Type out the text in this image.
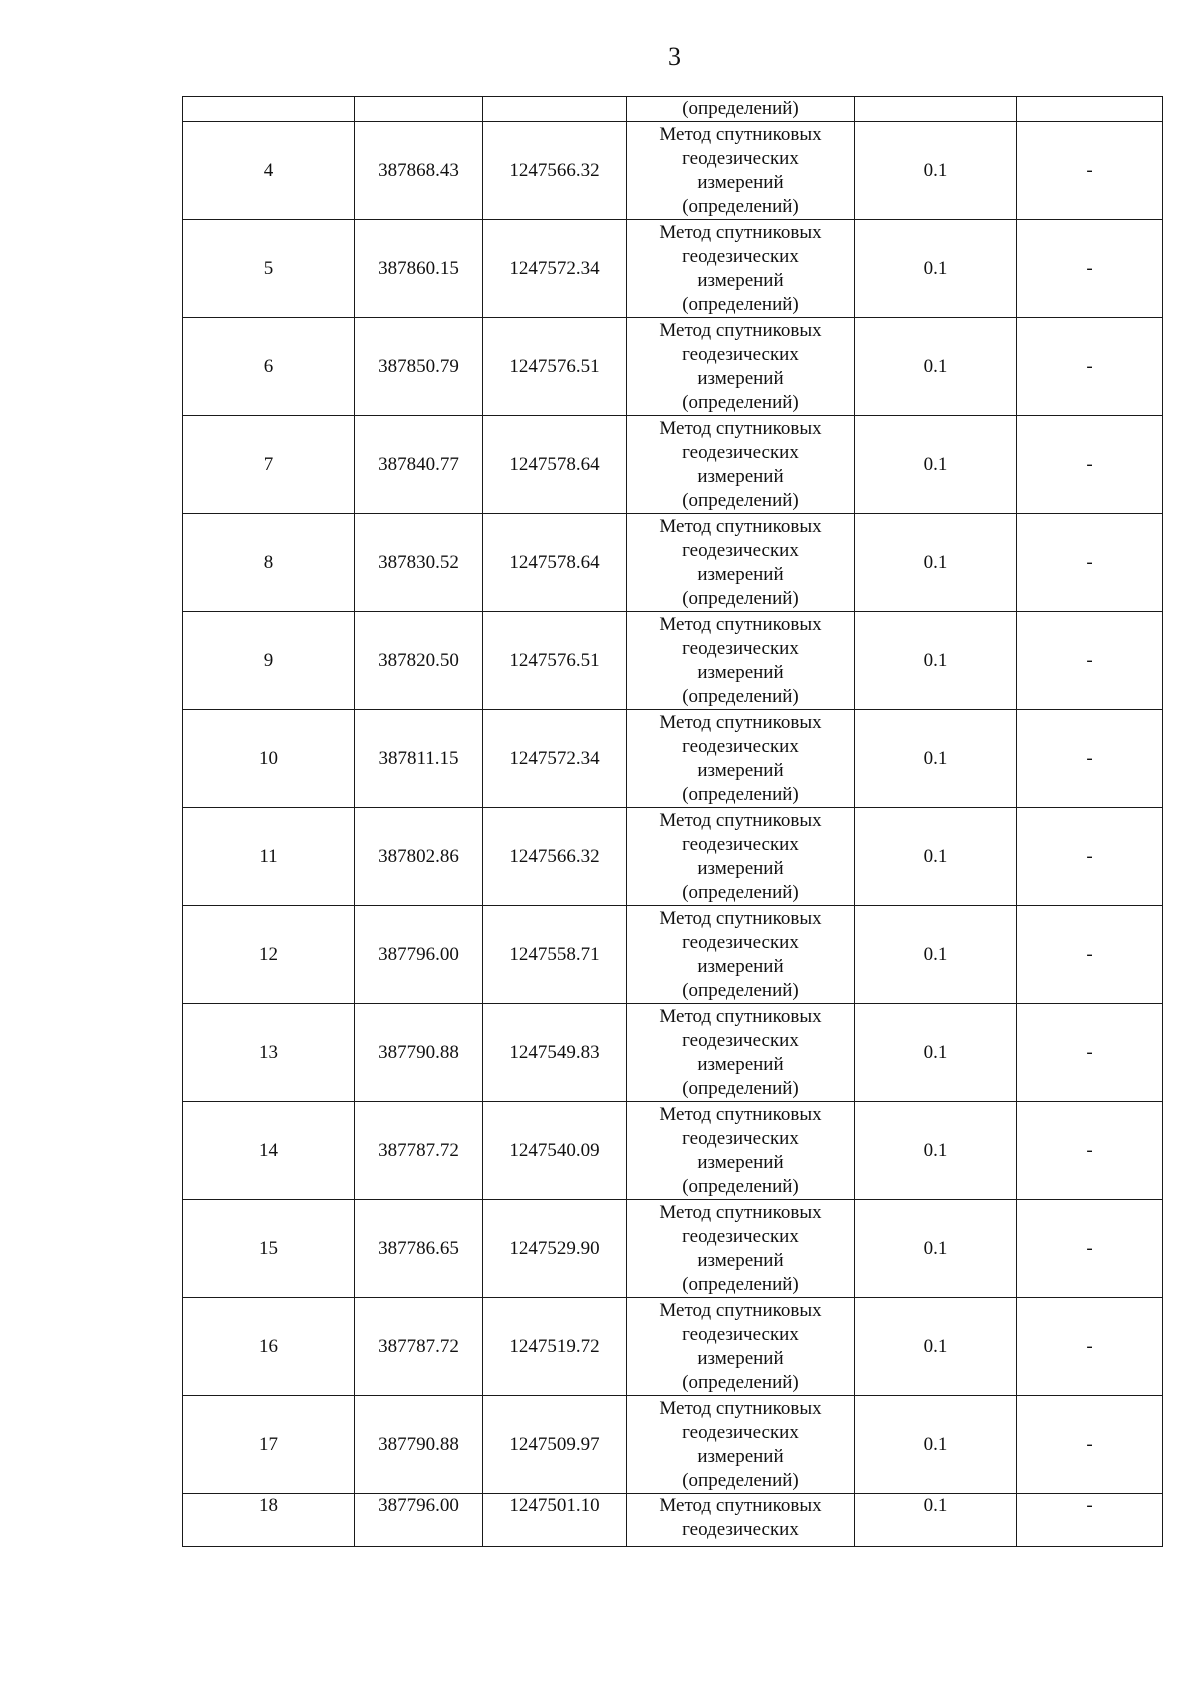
3
			(определений)		
4	387868.43	1247566.32	Метод спутниковых
геодезических
измерений
(определений)	0.1	-
5	387860.15	1247572.34	Метод спутниковых
геодезических
измерений
(определений)	0.1	-
6	387850.79	1247576.51	Метод спутниковых
геодезических
измерений
(определений)	0.1	-
7	387840.77	1247578.64	Метод спутниковых
геодезических
измерений
(определений)	0.1	-
8	387830.52	1247578.64	Метод спутниковых
геодезических
измерений
(определений)	0.1	-
9	387820.50	1247576.51	Метод спутниковых
геодезических
измерений
(определений)	0.1	-
10	387811.15	1247572.34	Метод спутниковых
геодезических
измерений
(определений)	0.1	-
11	387802.86	1247566.32	Метод спутниковых
геодезических
измерений
(определений)	0.1	-
12	387796.00	1247558.71	Метод спутниковых
геодезических
измерений
(определений)	0.1	-
13	387790.88	1247549.83	Метод спутниковых
геодезических
измерений
(определений)	0.1	-
14	387787.72	1247540.09	Метод спутниковых
геодезических
измерений
(определений)	0.1	-
15	387786.65	1247529.90	Метод спутниковых
геодезических
измерений
(определений)	0.1	-
16	387787.72	1247519.72	Метод спутниковых
геодезических
измерений
(определений)	0.1	-
17	387790.88	1247509.97	Метод спутниковых
геодезических
измерений
(определений)	0.1	-
18	387796.00	1247501.10	Метод спутниковых
геодезических	0.1	-
